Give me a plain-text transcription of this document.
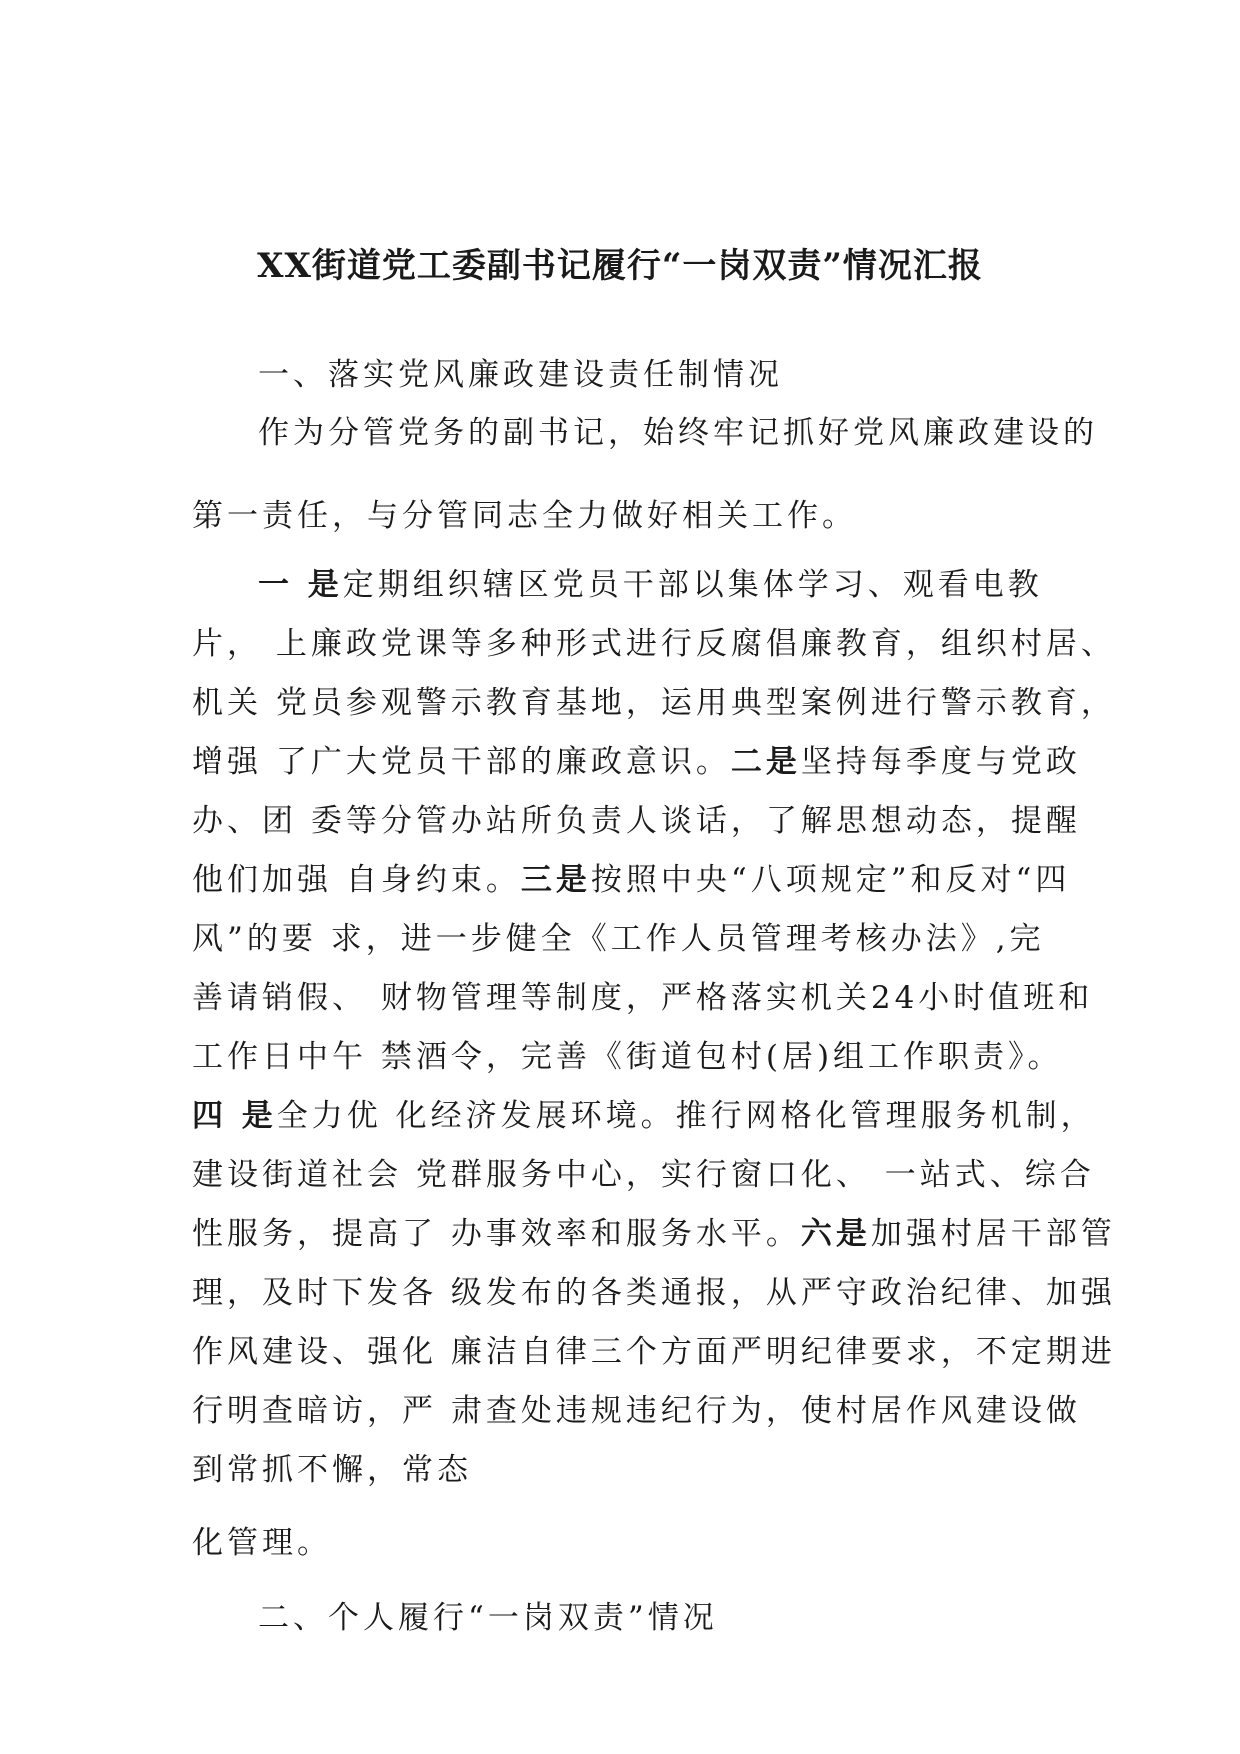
XX街道党工委副书记履行“一岗双责”情况汇报

一、落实党风廉政建设责任制情况

作为分管党务的副书记，始终牢记抓好党风廉政建设的

第一责任，与分管同志全力做好相关工作。

一 是定期组织辖区党员干部以集体学习、观看电教

片， 上廉政党课等多种形式进行反腐倡廉教育，组织村居、

机关 党员参观警示教育基地，运用典型案例进行警示教育，

增强 了广大党员干部的廉政意识。二是坚持每季度与党政

办、团 委等分管办站所负责人谈话，了解思想动态，提醒

他们加强 自身约束。三是按照中央“八项规定”和反对“四

风”的要 求，进一步健全《工作人员管理考核办法》,完

善请销假、 财物管理等制度，严格落实机关24小时值班和

工作日中午 禁酒令，完善《街道包村(居)组工作职责》。

四 是全力优 化经济发展环境。推行网格化管理服务机制，

建设街道社会 党群服务中心，实行窗口化、 一站式、综合

性服务，提高了 办事效率和服务水平。六是加强村居干部管

理，及时下发各 级发布的各类通报，从严守政治纪律、加强

作风建设、强化 廉洁自律三个方面严明纪律要求，不定期进

行明查暗访，严 肃查处违规违纪行为，使村居作风建设做

到常抓不懈，常态

化管理。

二、个人履行“一岗双责”情况
